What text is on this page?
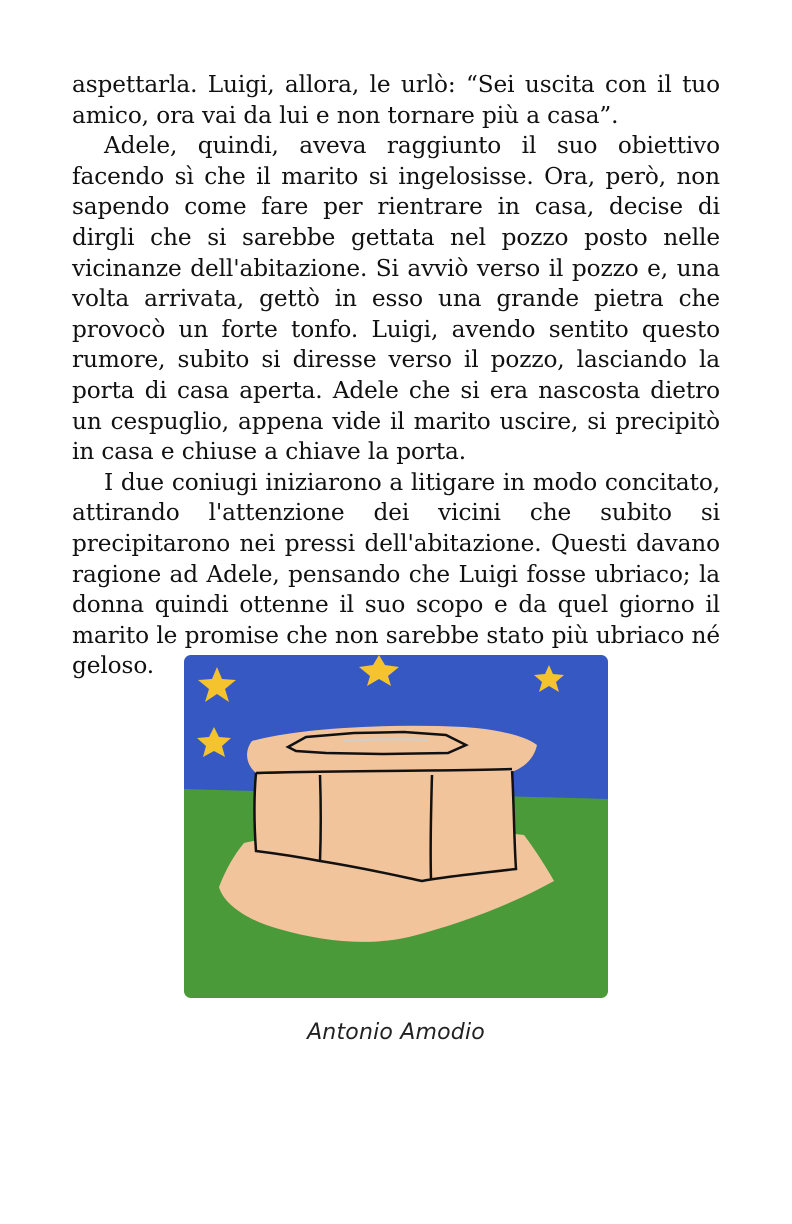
aspettarla. Luigi, allora, le urlò: “Sei uscita con il tuo amico, ora vai da lui e non tornare più a casa”.

Adele, quindi, aveva raggiunto il suo obiettivo facendo sì che il marito si ingelosisse. Ora, però, non sapendo come fare per rientrare in casa, decise di dirgli che si sarebbe gettata nel pozzo posto nelle vicinanze dell'abitazione. Si avviò verso il pozzo e, una volta arrivata, gettò in esso una grande pietra che provocò un forte tonfo. Luigi, avendo sentito questo rumore, subito si diresse verso il pozzo, lasciando la porta di casa aperta. Adele che si era nascosta dietro un cespuglio, appena vide il marito uscire, si precipitò in casa e chiuse a chiave la porta.

I due coniugi iniziarono a litigare in modo concitato, attirando l'attenzione dei vicini che subito si precipitarono nei pressi dell'abitazione. Questi davano ragione ad Adele, pensando che Luigi fosse ubriaco; la donna quindi ottenne il suo scopo e da quel giorno il marito le promise che non sarebbe stato più ubriaco né geloso.

Antonio Amodio
